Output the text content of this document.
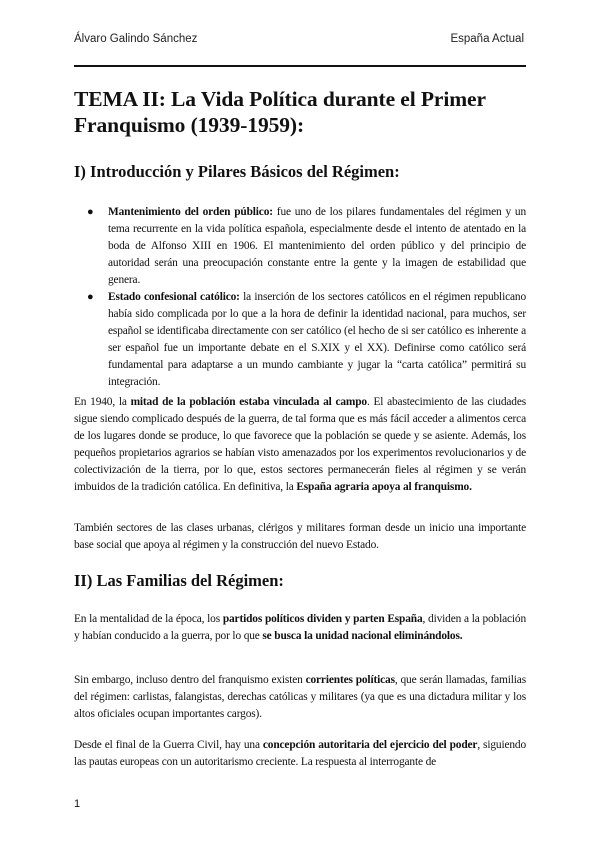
Álvaro Galindo Sánchez	España Actual
TEMA II: La Vida Política durante el Primer Franquismo (1939-1959):
I) Introducción y Pilares Básicos del Régimen:
● Mantenimiento del orden público: fue uno de los pilares fundamentales del régimen y un tema recurrente en la vida política española, especialmente desde el intento de atentado en la boda de Alfonso XIII en 1906. El mantenimiento del orden público y del principio de autoridad serán una preocupación constante entre la gente y la imagen de estabilidad que genera.
● Estado confesional católico: la inserción de los sectores católicos en el régimen republicano había sido complicada por lo que a la hora de definir la identidad nacional, para muchos, ser español se identificaba directamente con ser católico (el hecho de si ser católico es inherente a ser español fue un importante debate en el S.XIX y el XX). Definirse como católico será fundamental para adaptarse a un mundo cambiante y jugar la “carta católica” permitirá su integración.

En 1940, la mitad de la población estaba vinculada al campo. El abastecimiento de las ciudades sigue siendo complicado después de la guerra, de tal forma que es más fácil acceder a alimentos cerca de los lugares donde se produce, lo que favorece que la población se quede y se asiente. Además, los pequeños propietarios agrarios se habían visto amenazados por los experimentos revolucionarios y de colectivización de la tierra, por lo que, estos sectores permanecerán fieles al régimen y se verán imbuidos de la tradición católica. En definitiva, la España agraria apoya al franquismo.

También sectores de las clases urbanas, clérigos y militares forman desde un inicio una importante base social que apoya al régimen y la construcción del nuevo Estado.

II) Las Familias del Régimen:

En la mentalidad de la época, los partidos políticos dividen y parten España, dividen a la población y habían conducido a la guerra, por lo que se busca la unidad nacional eliminándolos.

Sin embargo, incluso dentro del franquismo existen corrientes políticas, que serán llamadas, familias del régimen: carlistas, falangistas, derechas católicas y militares (ya que es una dictadura militar y los altos oficiales ocupan importantes cargos).

Desde el final de la Guerra Civil, hay una concepción autoritaria del ejercicio del poder, siguiendo las pautas europeas con un autoritarismo creciente. La respuesta al interrogante de

1
